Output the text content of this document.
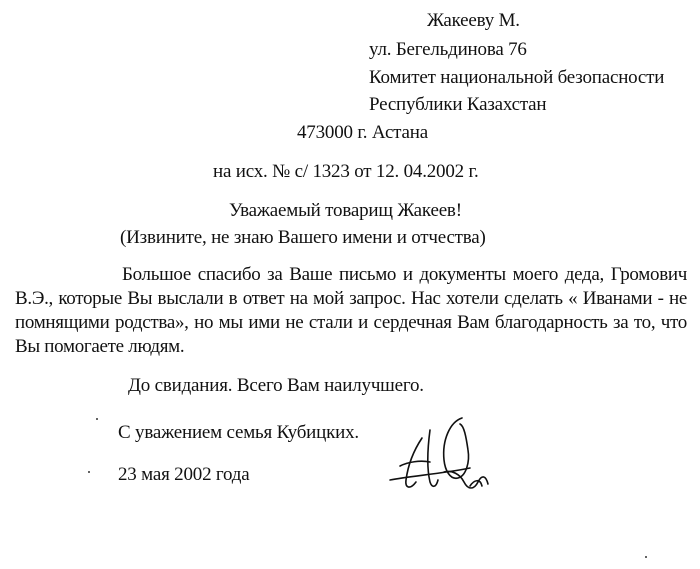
Жакееву М.
ул. Бегельдинова 76
Комитет национальной безопасности
Республики Казахстан
473000 г. Астана
на исх. № с/ 1323 от 12. 04.2002 г.
Уважаемый товарищ Жакеев!
(Извините, не знаю Вашего имени и отчества)
Большое спасибо за Ваше письмо и документы моего деда, Громович В.Э., которые Вы выслали в ответ на мой запрос. Нас хотели сделать « Иванами - не помнящими родства», но мы ими не стали и сердечная Вам благодарность за то, что Вы помогаете людям.
До свидания. Всего Вам наилучшего.
С уважением семья Кубицких.
23 мая 2002 года
